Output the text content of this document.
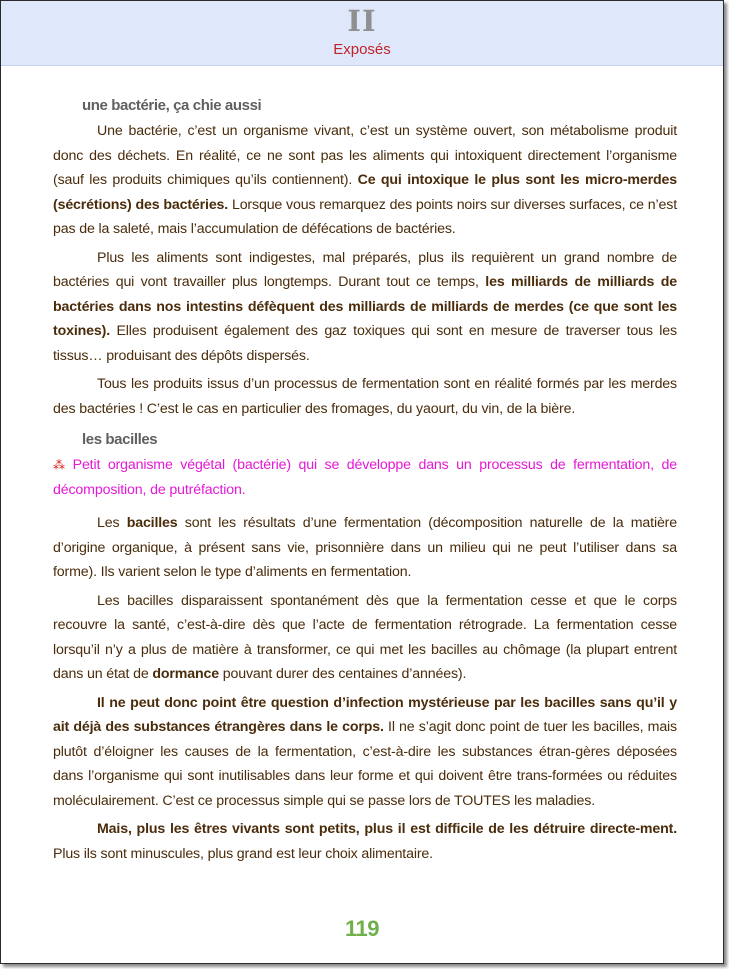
II
Exposés
une bactérie, ça chie aussi

Une bactérie, c’est un organisme vivant, c’est un système ouvert, son métabolisme produit donc des déchets. En réalité, ce ne sont pas les aliments qui intoxiquent directement l’organisme (sauf les produits chimiques qu’ils contiennent). Ce qui intoxique le plus sont les micro-merdes (sécrétions) des bactéries. Lorsque vous remarquez des points noirs sur diverses surfaces, ce n’est pas de la saleté, mais l’accumulation de défécations de bactéries.

Plus les aliments sont indigestes, mal préparés, plus ils requièrent un grand nombre de bactéries qui vont travailler plus longtemps. Durant tout ce temps, les milliards de milliards de bactéries dans nos intestins défèquent des milliards de milliards de merdes (ce que sont les toxines). Elles produisent également des gaz toxiques qui sont en mesure de traverser tous les tissus… produisant des dépôts dispersés.

Tous les produits issus d’un processus de fermentation sont en réalité formés par les merdes des bactéries ! C’est le cas en particulier des fromages, du yaourt, du vin, de la bière.

les bacilles
⁂ Petit organisme végétal (bactérie) qui se développe dans un processus de fermentation, de décomposition, de putréfaction.

Les bacilles sont les résultats d’une fermentation (décomposition naturelle de la matière d’origine organique, à présent sans vie, prisonnière dans un milieu qui ne peut l’utiliser dans sa forme). Ils varient selon le type d’aliments en fermentation.

Les bacilles disparaissent spontanément dès que la fermentation cesse et que le corps recouvre la santé, c’est-à-dire dès que l’acte de fermentation rétrograde. La fermentation cesse lorsqu’il n’y a plus de matière à transformer, ce qui met les bacilles au chômage (la plupart entrent dans un état de dormance pouvant durer des centaines d’années).

Il ne peut donc point être question d’infection mystérieuse par les bacilles sans qu’il y ait déjà des substances étrangères dans le corps. Il ne s’agit donc point de tuer les bacilles, mais plutôt d’éloigner les causes de la fermentation, c’est-à-dire les substances étran-gères déposées dans l’organisme qui sont inutilisables dans leur forme et qui doivent être trans-formées ou réduites moléculairement. C’est ce processus simple qui se passe lors de TOUTES les maladies.

Mais, plus les êtres vivants sont petits, plus il est difficile de les détruire directe-ment. Plus ils sont minuscules, plus grand est leur choix alimentaire.

119
